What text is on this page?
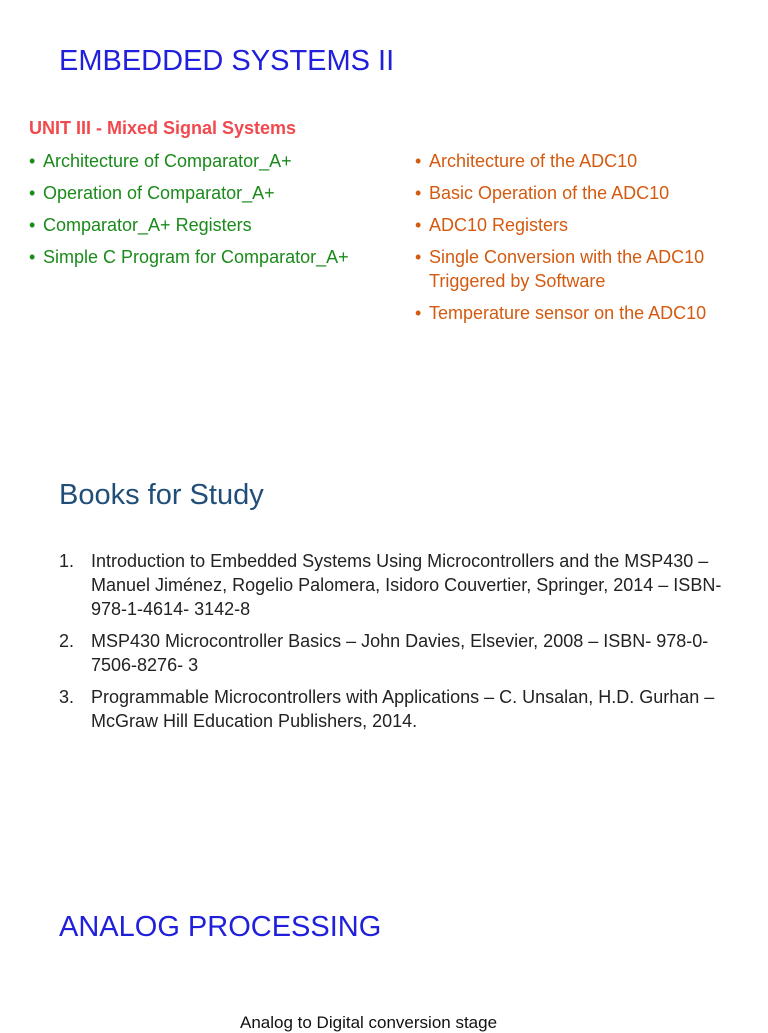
EMBEDDED SYSTEMS II
UNIT III - Mixed Signal Systems
• Architecture of Comparator_A+
• Operation of Comparator_A+
• Comparator_A+ Registers
• Simple C Program for Comparator_A+
• Architecture of the ADC10
• Basic Operation of the ADC10
• ADC10 Registers
• Single Conversion with the ADC10 Triggered by Software
• Temperature sensor on the ADC10
Books for Study
1. Introduction to Embedded Systems Using Microcontrollers and the MSP430 – Manuel Jiménez, Rogelio Palomera, Isidoro Couvertier, Springer, 2014 – ISBN- 978-1-4614- 3142-8
2. MSP430 Microcontroller Basics – John Davies, Elsevier, 2008 – ISBN- 978-0-7506-8276- 3
3. Programmable Microcontrollers with Applications – C. Unsalan, H.D. Gurhan – McGraw Hill Education Publishers, 2014.
ANALOG PROCESSING
Analog to Digital conversion stage
